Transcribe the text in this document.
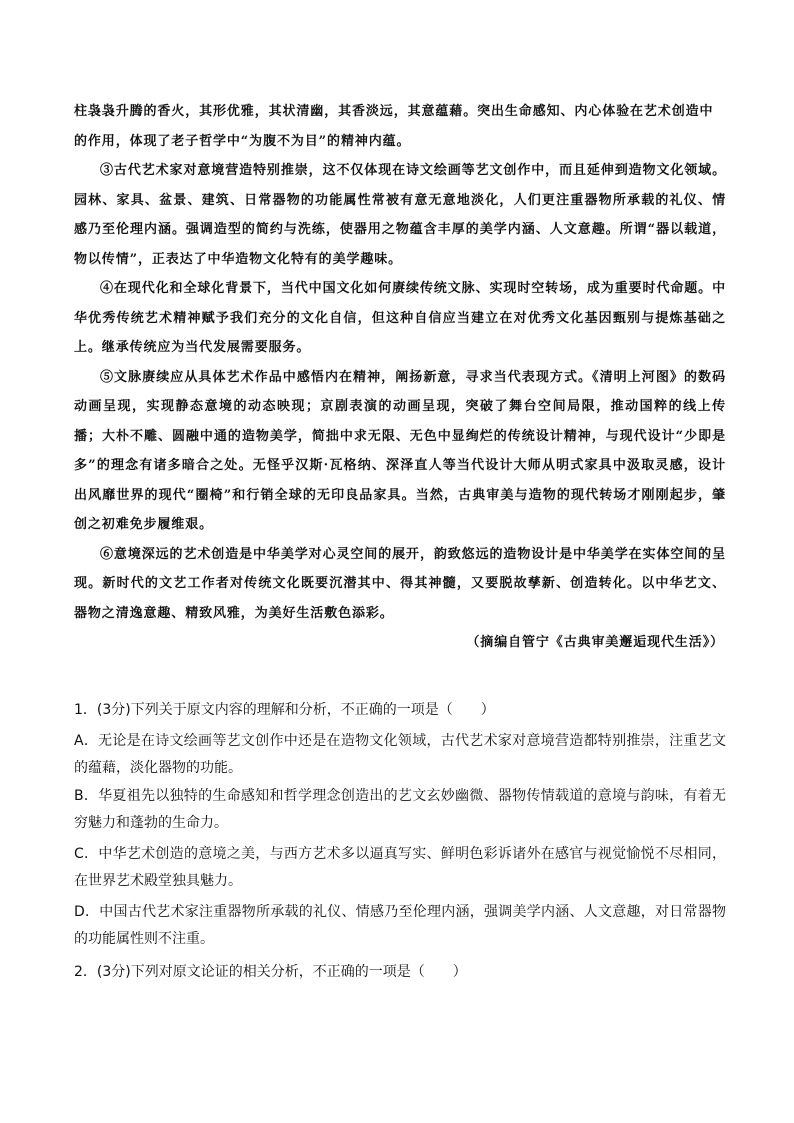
柱袅袅升腾的香火，其形优雅，其状清幽，其香淡远，其意蕴藉。突出生命感知、内心体验在艺术创造中

的作用，体现了老子哲学中“为腹不为目”的精神内蕴。

③古代艺术家对意境营造特别推崇，这不仅体现在诗文绘画等艺文创作中，而且延伸到造物文化领域。园林、家具、盆景、建筑、日常器物的功能属性常被有意无意地淡化，人们更注重器物所承载的礼仪、情感乃至伦理内涵。强调造型的简约与洗练，使器用之物蕴含丰厚的美学内涵、人文意趣。所谓“器以载道，物以传情”，正表达了中华造物文化特有的美学趣味。

④在现代化和全球化背景下，当代中国文化如何赓续传统文脉、实现时空转场，成为重要时代命题。中华优秀传统艺术精神赋予我们充分的文化自信，但这种自信应当建立在对优秀文化基因甄别与提炼基础之上。继承传统应为当代发展需要服务。

⑤文脉赓续应从具体艺术作品中感悟内在精神，阐扬新意，寻求当代表现方式。《清明上河图》的数码动画呈现，实现静态意境的动态映现；京剧表演的动画呈现，突破了舞台空间局限，推动国粹的线上传播；大朴不雕、圆融中通的造物美学，简拙中求无限、无色中显绚烂的传统设计精神，与现代设计“少即是多”的理念有诸多暗合之处。无怪乎汉斯·瓦格纳、深泽直人等当代设计大师从明式家具中汲取灵感，设计出风靡世界的现代“圈椅”和行销全球的无印良品家具。当然，古典审美与造物的现代转场才刚刚起步，肇创之初难免步履维艰。

⑥意境深远的艺术创造是中华美学对心灵空间的展开，韵致悠远的造物设计是中华美学在实体空间的呈现。新时代的文艺工作者对传统文化既要沉潜其中、得其神髓，又要脱故孳新、创造转化。以中华艺文、器物之清逸意趣、精致风雅，为美好生活敷色添彩。

（摘编自管宁《古典审美邂逅现代生活》）

1．(3分)下列关于原文内容的理解和分析，不正确的一项是（　　）

A．无论是在诗文绘画等艺文创作中还是在造物文化领域，古代艺术家对意境营造都特别推崇，注重艺文的蕴藉，淡化器物的功能。

B．华夏祖先以独特的生命感知和哲学理念创造出的艺文玄妙幽微、器物传情载道的意境与韵味，有着无穷魅力和蓬勃的生命力。

C．中华艺术创造的意境之美，与西方艺术多以逼真写实、鲜明色彩诉诸外在感官与视觉愉悦不尽相同，在世界艺术殿堂独具魅力。

D．中国古代艺术家注重器物所承载的礼仪、情感乃至伦理内涵，强调美学内涵、人文意趣，对日常器物的功能属性则不注重。

2．(3分)下列对原文论证的相关分析，不正确的一项是（　　）
